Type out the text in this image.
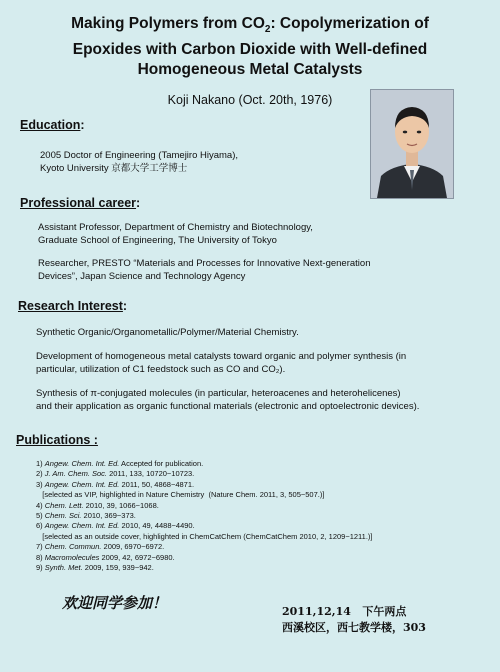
Making Polymers from $CO_2$: Copolymerization of
Epoxides with Carbon Dioxide with Well-defined
Homogeneous Metal Catalysts
Koji Nakano (Oct. 20th, 1976)
Education:
2005 Doctor of Engineering (Tamejiro Hiyama),
Kyoto University 京都大学工学博士
Professional career:
Assistant Professor, Department of Chemistry and Biotechnology,
Graduate School of Engineering, The University of Tokyo
Researcher, PRESTO “Materials and Processes for Innovative Next-generation
Devices”, Japan Science and Technology Agency
Research Interest:
Synthetic Organic/Organometallic/Polymer/Material Chemistry.
Development of homogeneous metal catalysts toward organic and polymer synthesis (in
particular, utilization of C1 feedstock such as CO and CO₂).
Synthesis of π-conjugated molecules (in particular, heteroacenes and heterohelicenes)
and their application as organic functional materials (electronic and optoelectronic devices).
Publications :
1) Angew. Chem. Int. Ed. Accepted for publication.
2) J. Am. Chem. Soc. 2011, 133, 10720−10723.
3) Angew. Chem. Int. Ed. 2011, 50, 4868−4871.
[selected as VIP, highlighted in Nature Chemistry  (Nature Chem. 2011, 3, 505−507.)]
4) Chem. Lett. 2010, 39, 1066−1068.
5) Chem. Sci. 2010, 369−373.
6) Angew. Chem. Int. Ed. 2010, 49, 4488−4490.
[selected as an outside cover, highlighted in ChemCatChem (ChemCatChem 2010, 2, 1209−1211.)]
7) Chem. Commun. 2009, 6970−6972.
8) Macromolecules 2009, 42, 6972−6980.
9) Synth. Met. 2009, 159, 939−942.
欢迎同学参加！	2011,12,14   下午两点
西溪校区，西七教学楼，303
